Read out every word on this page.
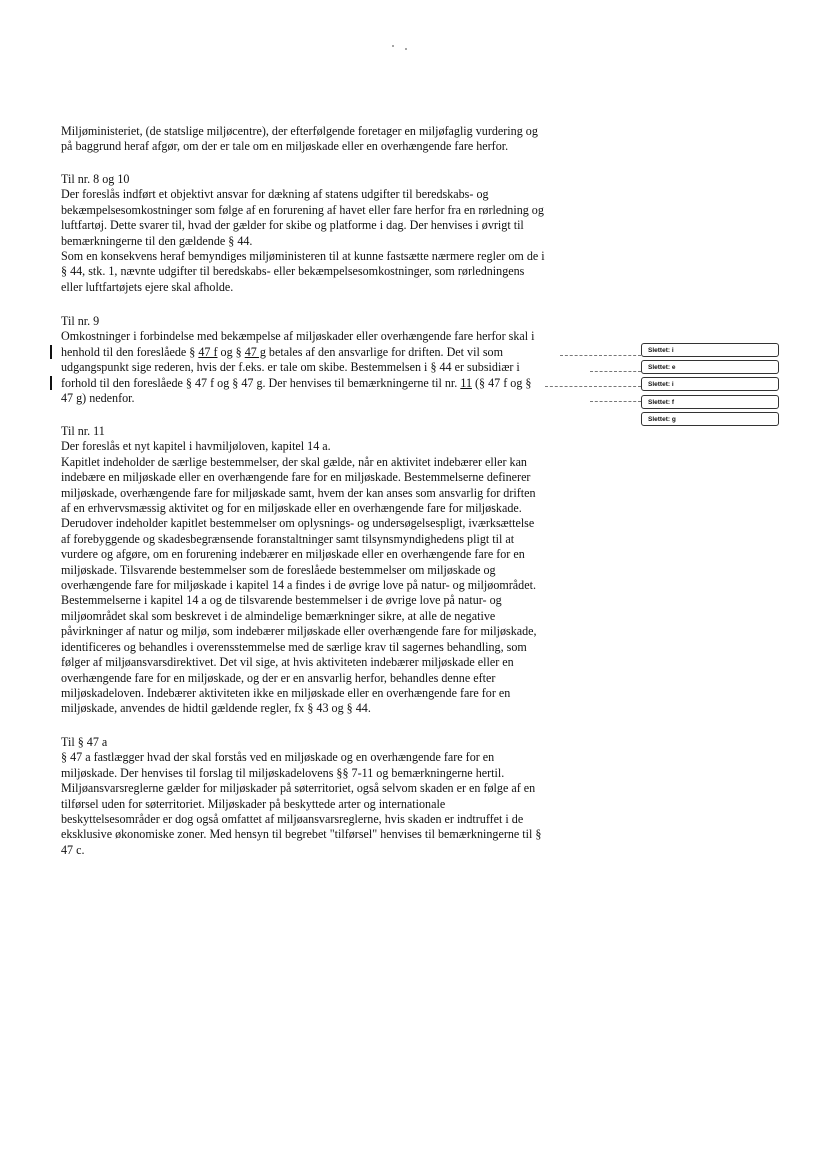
Miljøministeriet, (de statslige miljøcentre), der efterfølgende foretager en miljøfaglig vurdering og
på baggrund heraf afgør, om der er tale om en miljøskade eller en overhængende fare herfor.
Til nr. 8 og 10
Der foreslås indført et objektivt ansvar for dækning af statens udgifter til beredskabs- og
bekæmpelsesomkostninger som følge af en forurening af havet eller fare herfor fra en rørledning og
luftfartøj. Dette svarer til, hvad der gælder for skibe og platforme i dag. Der henvises i øvrigt til
bemærkningerne til den gældende § 44.
Som en konsekvens heraf bemyndiges miljøministeren til at kunne fastsætte nærmere regler om de i
§ 44, stk. 1, nævnte udgifter til beredskabs- eller bekæmpelsesomkostninger, som rørledningens
eller luftfartøjets ejere skal afholde.
Til nr. 9
Omkostninger i forbindelse med bekæmpelse af miljøskader eller overhængende fare herfor skal i
henhold til den foreslåede § 47 f og § 47 g betales af den ansvarlige for driften. Det vil som
udgangspunkt sige rederen, hvis der f.eks. er tale om skibe. Bestemmelsen i § 44 er subsidiær i
forhold til den foreslåede § 47 f og § 47 g. Der henvises til bemærkningerne til nr. 11 (§ 47 f og §
47 g) nedenfor.
Slettet: i
Slettet: e
Slettet: i
Slettet: f
Slettet: g
Til nr. 11
Der foreslås et nyt kapitel i havmiljøloven, kapitel 14 a.
Kapitlet indeholder de særlige bestemmelser, der skal gælde, når en aktivitet indebærer eller kan
indebære en miljøskade eller en overhængende fare for en miljøskade. Bestemmelserne definerer
miljøskade, overhængende fare for miljøskade samt, hvem der kan anses som ansvarlig for driften
af en erhvervsmæssig aktivitet og for en miljøskade eller en overhængende fare for miljøskade.
Derudover indeholder kapitlet bestemmelser om oplysnings- og undersøgelsespligt, iværksættelse
af forebyggende og skadesbegrænsende foranstaltninger samt tilsynsmyndighedens pligt til at
vurdere og afgøre, om en forurening indebærer en miljøskade eller en overhængende fare for en
miljøskade. Tilsvarende bestemmelser som de foreslåede bestemmelser om miljøskade og
overhængende fare for miljøskade i kapitel 14 a findes i de øvrige love på natur- og miljøområdet.
Bestemmelserne i kapitel 14 a og de tilsvarende bestemmelser i de øvrige love på natur- og
miljøområdet skal som beskrevet i de almindelige bemærkninger sikre, at alle de negative
påvirkninger af natur og miljø, som indebærer miljøskade eller overhængende fare for miljøskade,
identificeres og behandles i overensstemmelse med de særlige krav til sagernes behandling, som
følger af miljøansvarsdirektivet. Det vil sige, at hvis aktiviteten indebærer miljøskade eller en
overhængende fare for en miljøskade, og der er en ansvarlig herfor, behandles denne efter
miljøskadeloven. Indebærer aktiviteten ikke en miljøskade eller en overhængende fare for en
miljøskade, anvendes de hidtil gældende regler, fx § 43 og § 44.
Til § 47 a
§ 47 a fastlægger hvad der skal forstås ved en miljøskade og en overhængende fare for en
miljøskade. Der henvises til forslag til miljøskadelovens §§ 7-11 og bemærkningerne hertil.
Miljøansvarsreglerne gælder for miljøskader på søterritoriet, også selvom skaden er en følge af en
tilførsel uden for søterritoriet. Miljøskader på beskyttede arter og internationale
beskyttelsesområder er dog også omfattet af miljøansvarsreglerne, hvis skaden er indtruffet i de
eksklusive økonomiske zoner. Med hensyn til begrebet "tilførsel" henvises til bemærkningerne til §
47 c.
